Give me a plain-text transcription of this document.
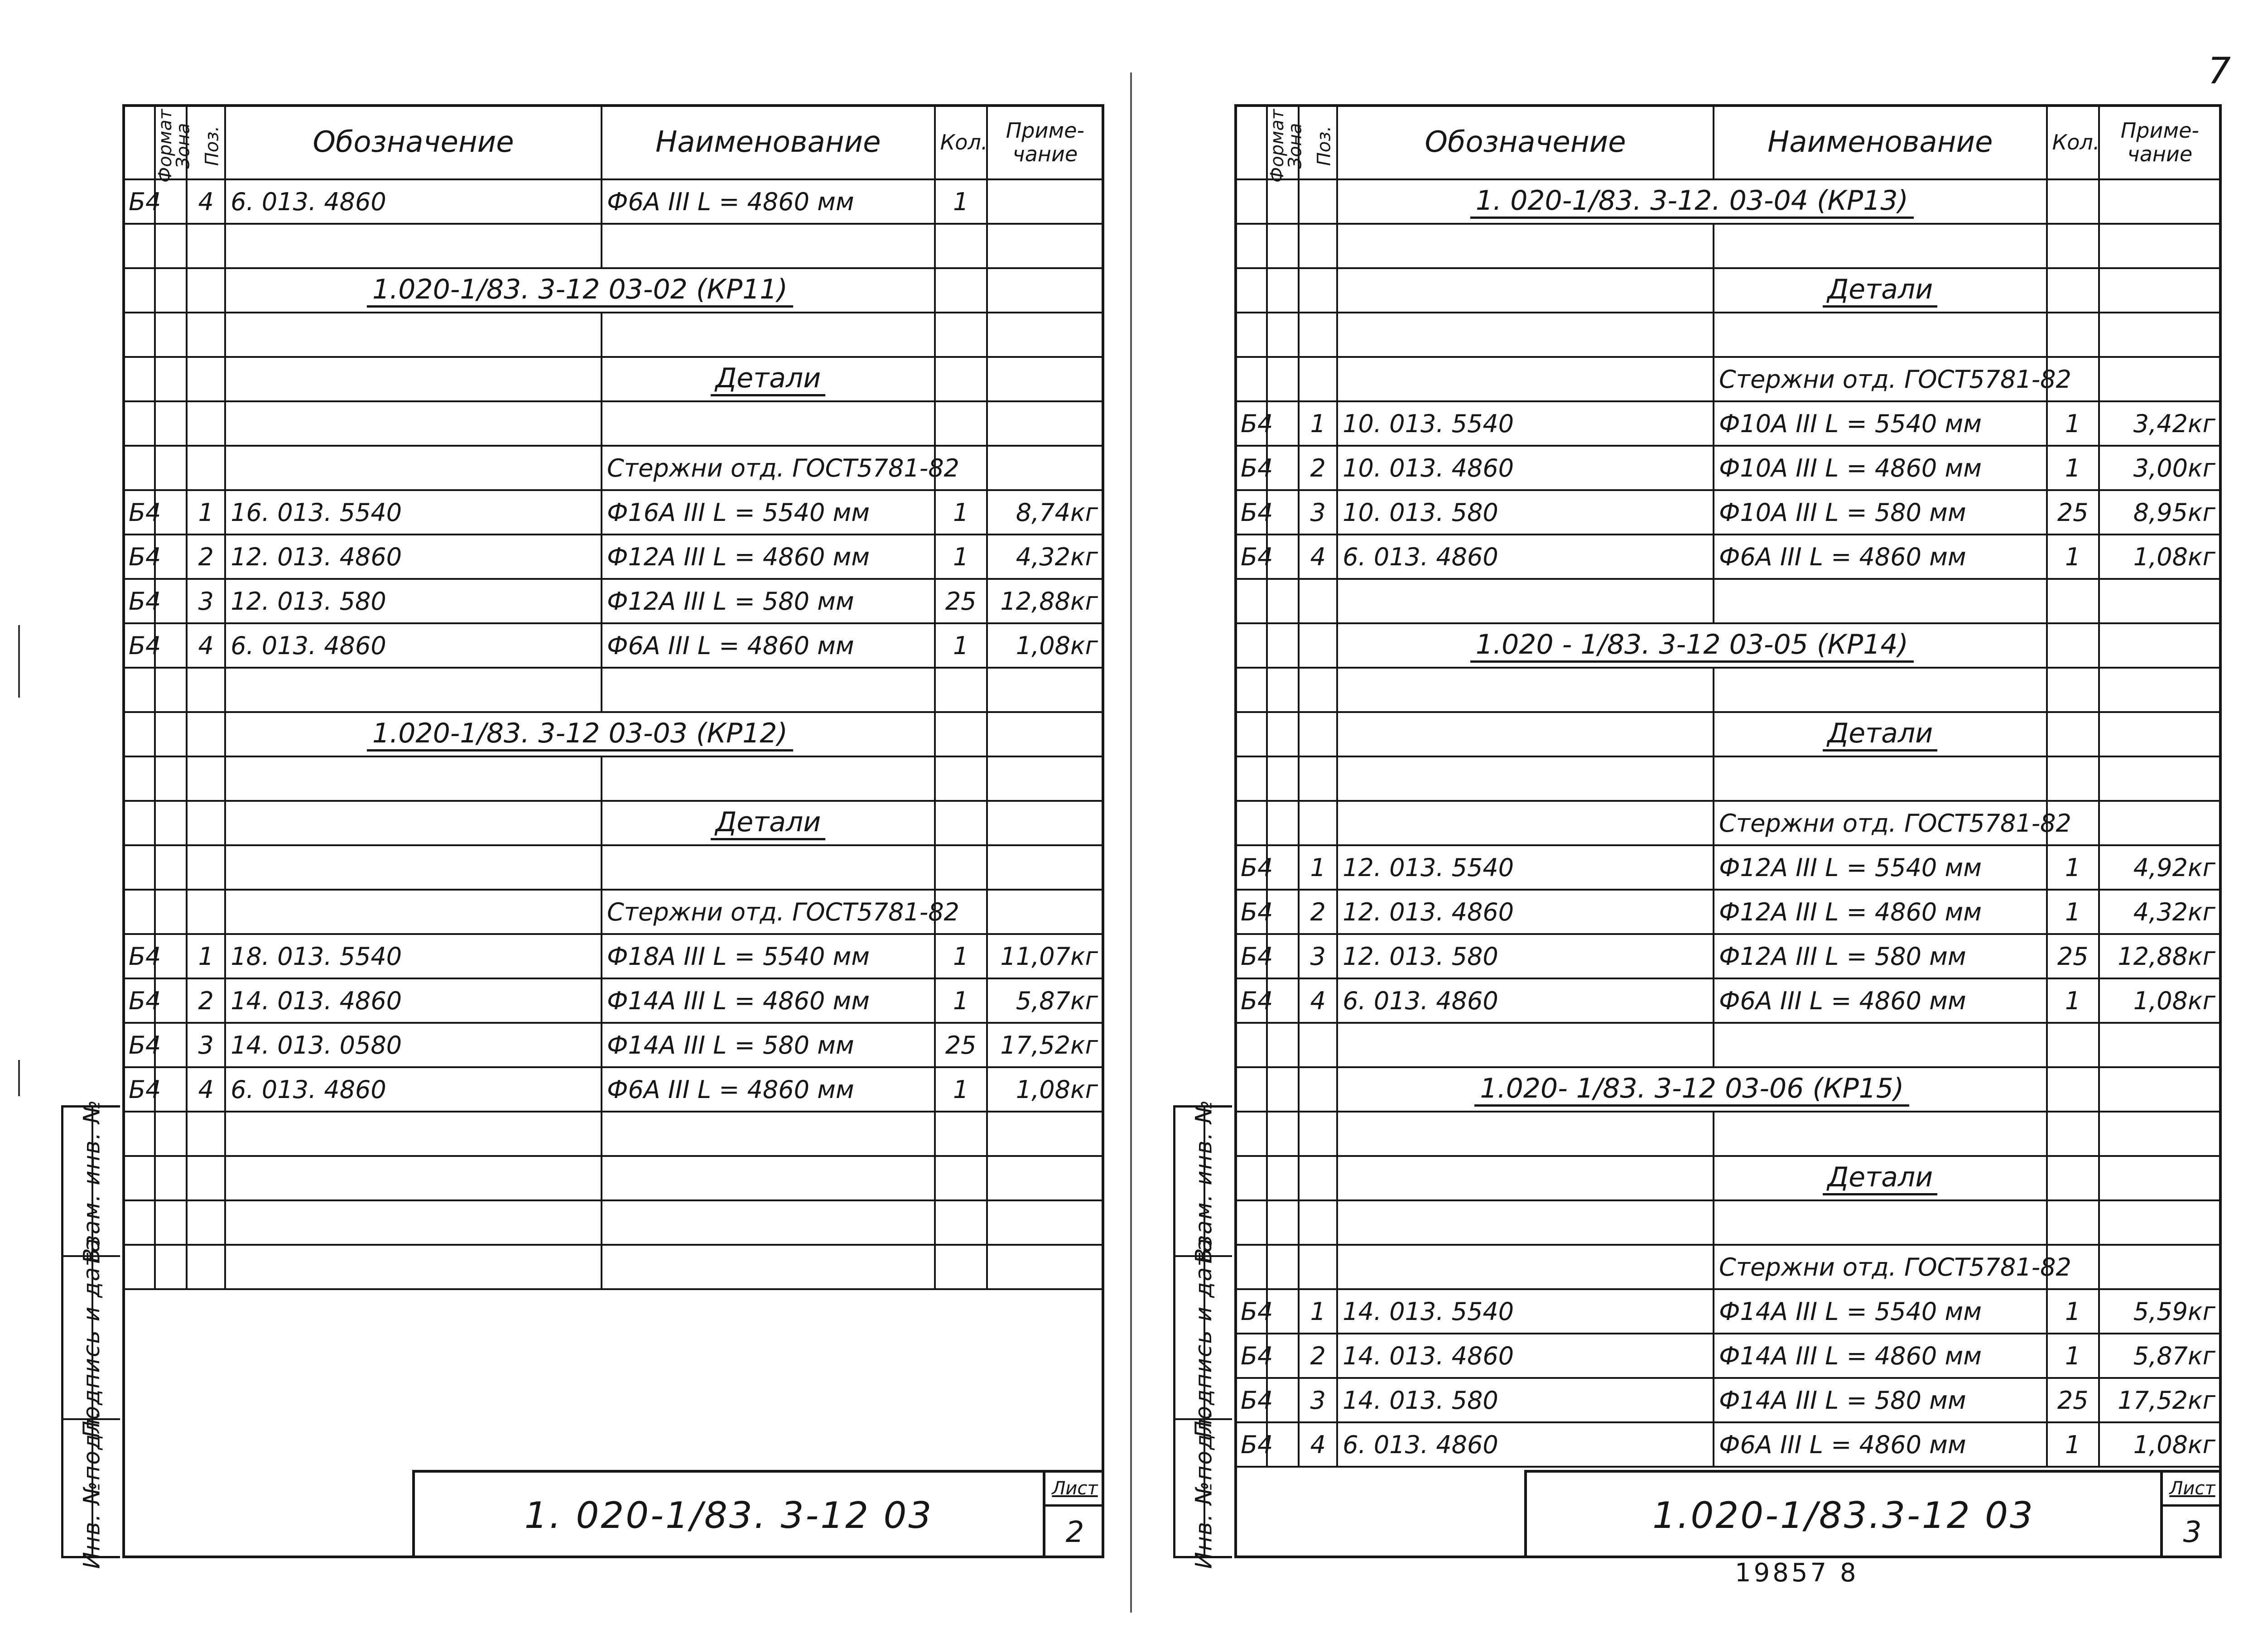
7
Взам. инв. №
Подпись и дата
Инв. №подл.
Формат	Зона	Поз.	Обозначение	Наименование	Кол.	Приме-чание
Б4		4	6. 013. 4860	Ф6А III L = 4860 мм	1	

			1.020-1/83. 3-12 03-02 (КР11)			

				Детали		

				Стержни отд. ГОСТ5781-82		
Б4		1	16. 013. 5540	Ф16А III L = 5540 мм	1	8,74кг
Б4		2	12. 013. 4860	Ф12А III L = 4860 мм	1	4,32кг
Б4		3	12. 013. 580	Ф12А III L = 580 мм	25	12,88кг
Б4		4	6. 013. 4860	Ф6А III L = 4860 мм	1	1,08кг

			1.020-1/83. 3-12 03-03 (КР12)			

				Детали		

				Стержни отд. ГОСТ5781-82		
Б4		1	18. 013. 5540	Ф18А III L = 5540 мм	1	11,07кг
Б4		2	14. 013. 4860	Ф14А III L = 4860 мм	1	5,87кг
Б4		3	14. 013. 0580	Ф14А III L = 580 мм	25	17,52кг
Б4		4	6. 013. 4860	Ф6А III L = 4860 мм	1	1,08кг

1. 020-1/83. 3-12 03
Лист
2
Взам. инв. №
Подпись и дата
Инв. №подл.
Формат	Зона	Поз.	Обозначение	Наименование	Кол.	Приме-чание
			1. 020-1/83. 3-12. 03-04 (КР13)			

				Детали		

				Стержни отд. ГОСТ5781-82		
Б4		1	10. 013. 5540	Ф10А III L = 5540 мм	1	3,42кг
Б4		2	10. 013. 4860	Ф10А III L = 4860 мм	1	3,00кг
Б4		3	10. 013. 580	Ф10А III L = 580 мм	25	8,95кг
Б4		4	6. 013. 4860	Ф6А III L = 4860 мм	1	1,08кг

			1.020 - 1/83. 3-12 03-05 (КР14)			

				Детали		

				Стержни отд. ГОСТ5781-82		
Б4		1	12. 013. 5540	Ф12А III L = 5540 мм	1	4,92кг
Б4		2	12. 013. 4860	Ф12А III L = 4860 мм	1	4,32кг
Б4		3	12. 013. 580	Ф12А III L = 580 мм	25	12,88кг
Б4		4	6. 013. 4860	Ф6А III L = 4860 мм	1	1,08кг

			1.020- 1/83. 3-12 03-06 (КР15)			

				Детали		

				Стержни отд. ГОСТ5781-82		
Б4		1	14. 013. 5540	Ф14А III L = 5540 мм	1	5,59кг
Б4		2	14. 013. 4860	Ф14А III L = 4860 мм	1	5,87кг
Б4		3	14. 013. 580	Ф14А III L = 580 мм	25	17,52кг
Б4		4	6. 013. 4860	Ф6А III L = 4860 мм	1	1,08кг
1.020-1/83.3-12 03
Лист
3
19857 8
